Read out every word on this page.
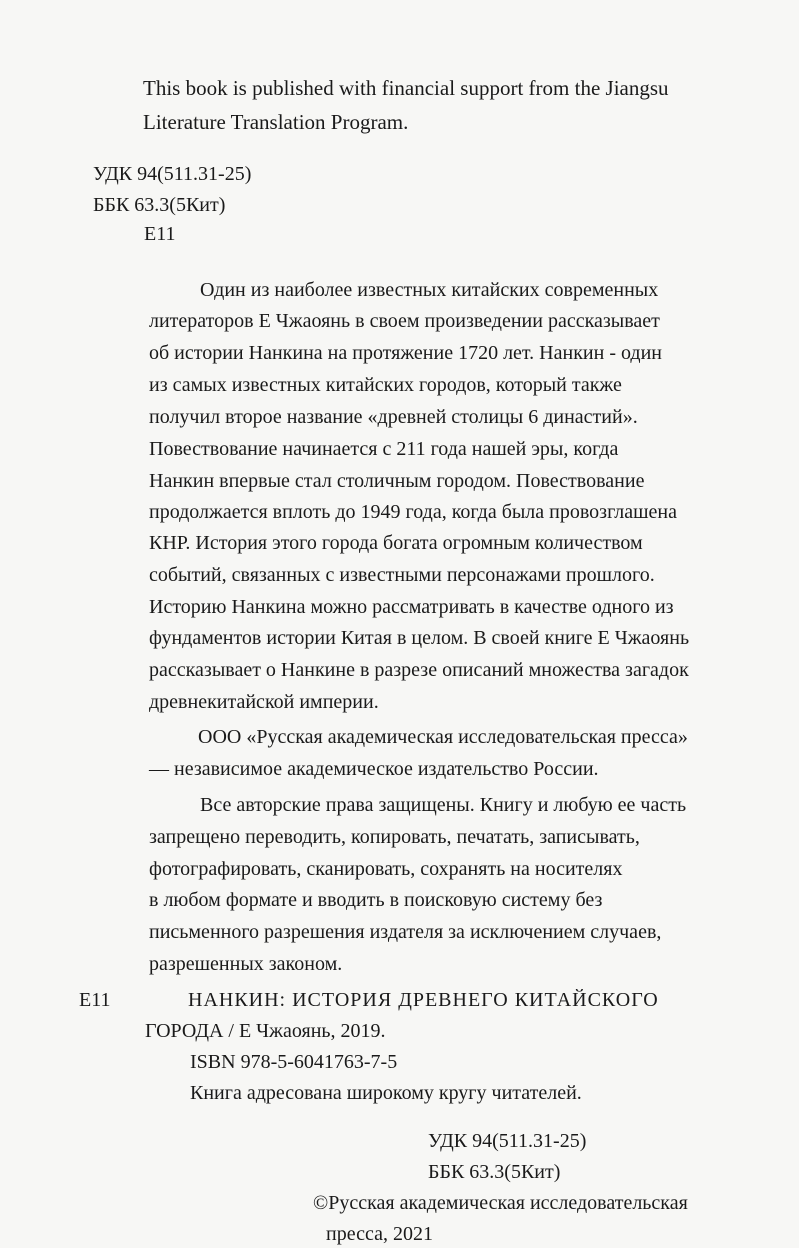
This book is published with financial support from the Jiangsu
Literature Translation Program.
УДК 94(511.31-25)
ББК 63.3(5Кит)
Е11
Один из наиболее известных китайских современных
литераторов Е Чжаоянь в своем произведении рассказывает
об истории Нанкина на протяжение 1720 лет. Нанкин - один
из самых известных китайских городов, который также
получил второе название «древней столицы 6 династий».
Повествование начинается с 211 года нашей эры, когда
Нанкин впервые стал столичным городом. Повествование
продолжается вплоть до 1949 года, когда была провозглашена
КНР. История этого города богата огромным количеством
событий, связанных с известными персонажами прошлого.
Историю Нанкина можно рассматривать в качестве одного из
фундаментов истории Китая в целом. В своей книге Е Чжаоянь
рассказывает о Нанкине в разрезе описаний множества загадок
древнекитайской империи.
ООО «Русская академическая исследовательская пресса»
— независимое академическое издательство России.
Все авторские права защищены. Книгу и любую ее часть
запрещено переводить, копировать, печатать, записывать,
фотографировать, сканировать, сохранять на носителях
в любом формате и вводить в поисковую систему без
письменного разрешения издателя за исключением случаев,
разрешенных законом.
Е11	НАНКИН: ИСТОРИЯ ДРЕВНЕГО КИТАЙСКОГО
ГОРОДА / Е Чжаоянь, 2019.
ISBN 978-5-6041763-7-5
Книга адресована широкому кругу читателей.
УДК 94(511.31-25)
ББК 63.3(5Кит)
©Русская академическая исследовательская
пресса, 2021
